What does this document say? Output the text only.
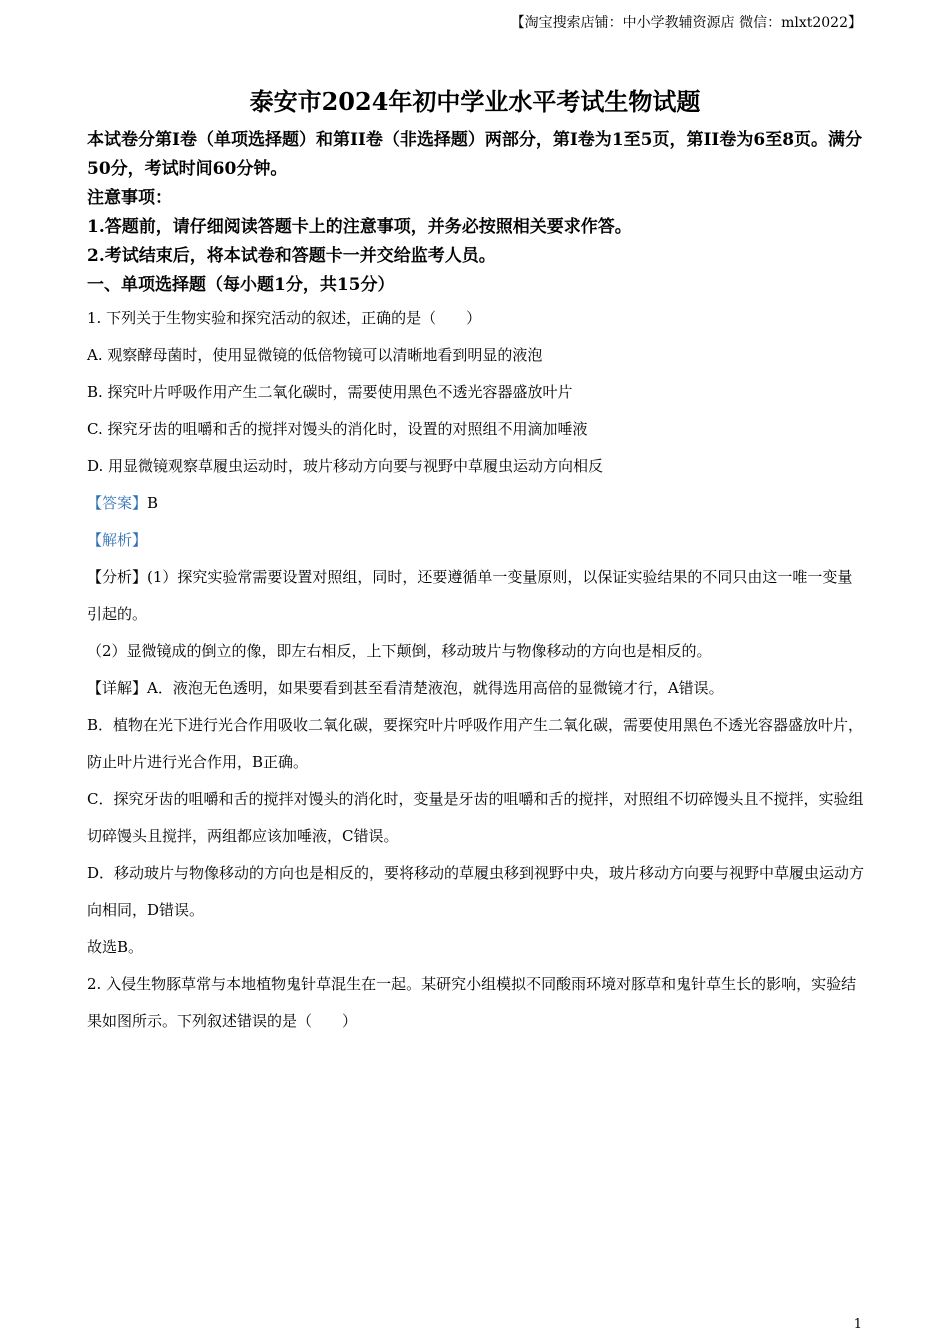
【淘宝搜索店铺：中小学教辅资源店 微信：mlxt2022】
泰安市2024年初中学业水平考试生物试题

本试卷分第I卷（单项选择题）和第II卷（非选择题）两部分，第I卷为1至5页，第II卷为6至8页。满分50分，考试时间60分钟。

注意事项：

1.答题前，请仔细阅读答题卡上的注意事项，并务必按照相关要求作答。

2.考试结束后，将本试卷和答题卡一并交给监考人员。

一、单项选择题（每小题1分，共15分）

1. 下列关于生物实验和探究活动的叙述，正确的是（　　）

A. 观察酵母菌时，使用显微镜的低倍物镜可以清晰地看到明显的液泡

B. 探究叶片呼吸作用产生二氧化碳时，需要使用黑色不透光容器盛放叶片

C. 探究牙齿的咀嚼和舌的搅拌对馒头的消化时，设置的对照组不用滴加唾液

D. 用显微镜观察草履虫运动时，玻片移动方向要与视野中草履虫运动方向相反

【答案】B

【解析】

【分析】(1）探究实验常需要设置对照组，同时，还要遵循单一变量原则，以保证实验结果的不同只由这一唯一变量引起的。

（2）显微镜成的倒立的像，即左右相反，上下颠倒，移动玻片与物像移动的方向也是相反的。

【详解】A．液泡无色透明，如果要看到甚至看清楚液泡，就得选用高倍的显微镜才行，A错误。

B．植物在光下进行光合作用吸收二氧化碳，要探究叶片呼吸作用产生二氧化碳，需要使用黑色不透光容器盛放叶片，防止叶片进行光合作用，B正确。

C．探究牙齿的咀嚼和舌的搅拌对馒头的消化时，变量是牙齿的咀嚼和舌的搅拌，对照组不切碎馒头且不搅拌，实验组切碎馒头且搅拌，两组都应该加唾液，C错误。

D．移动玻片与物像移动的方向也是相反的，要将移动的草履虫移到视野中央，玻片移动方向要与视野中草履虫运动方向相同，D错误。

故选B。

2. 入侵生物豚草常与本地植物鬼针草混生在一起。某研究小组模拟不同酸雨环境对豚草和鬼针草生长的影响，实验结果如图所示。下列叙述错误的是（　　）

1
